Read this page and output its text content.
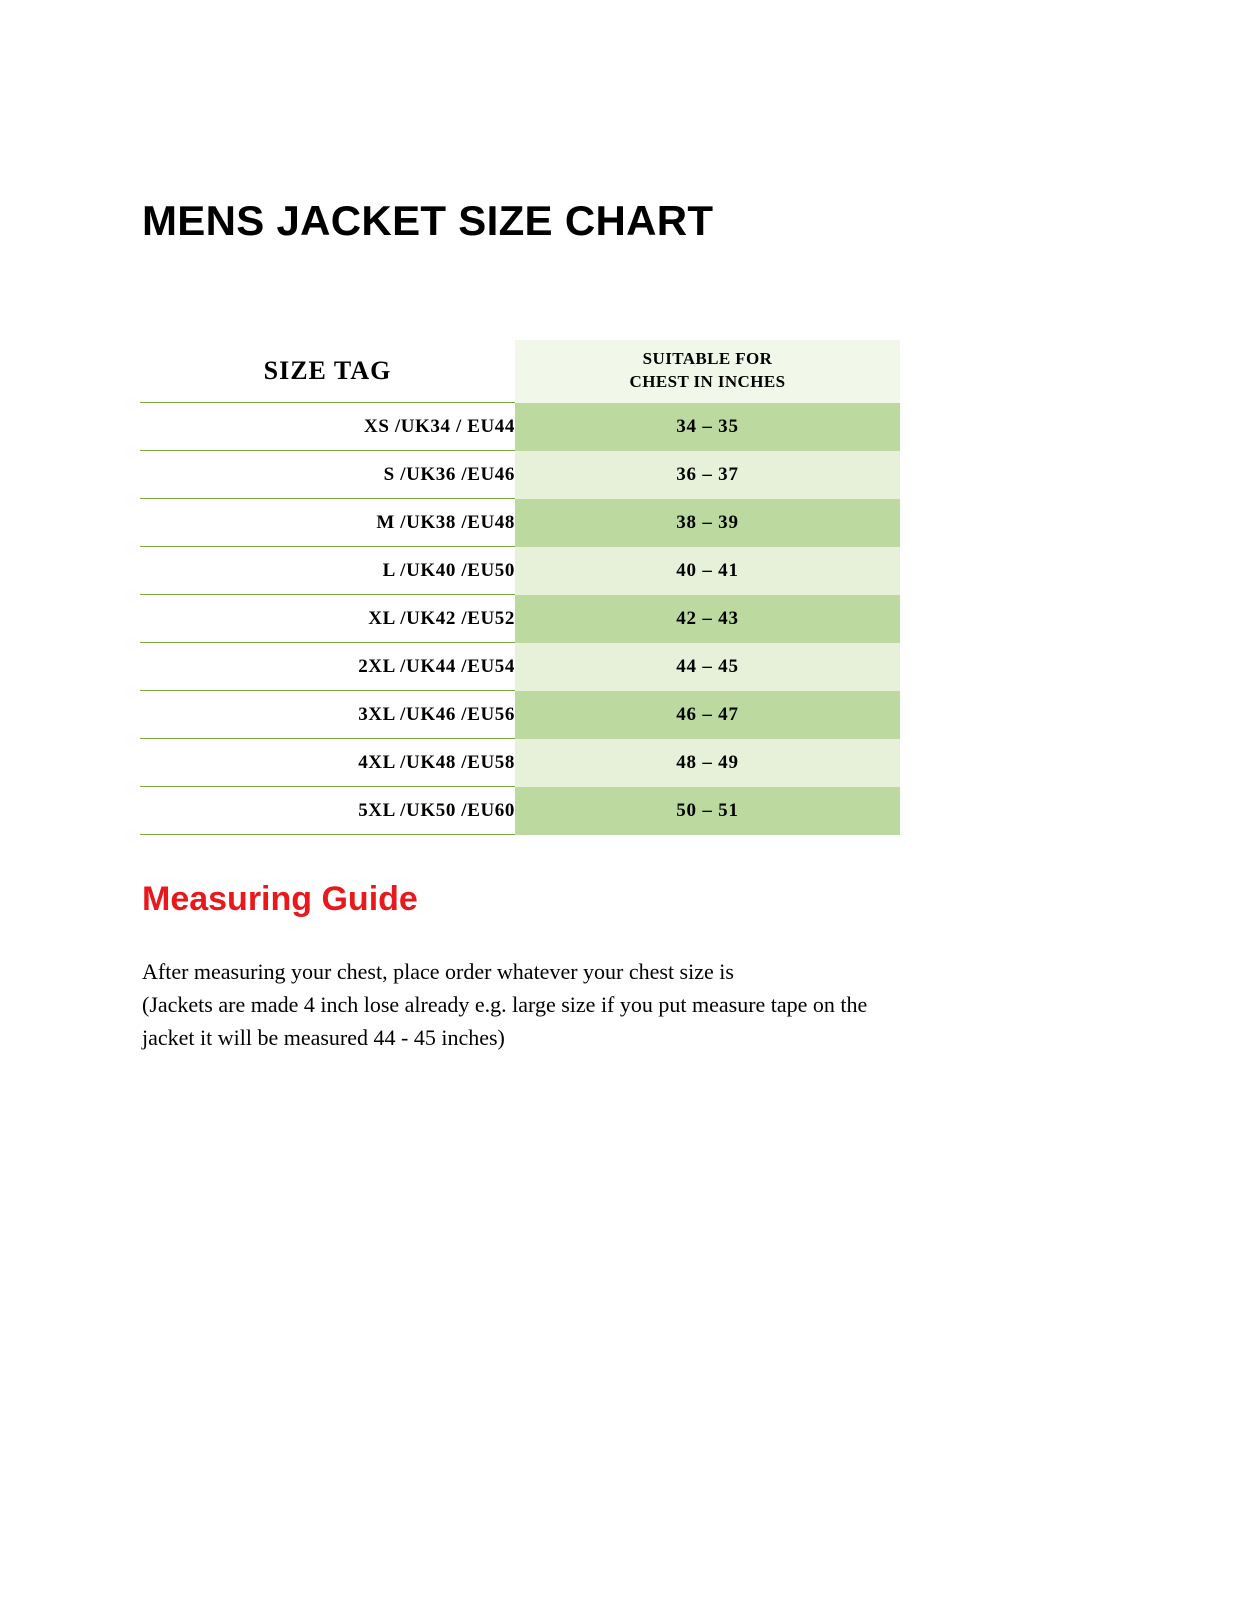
MENS JACKET SIZE CHART
SIZE TAG	SUITABLE FOR
CHEST IN INCHES
XS /UK34 / EU44	34 – 35
S /UK36 /EU46	36 – 37
M /UK38 /EU48	38 – 39
L /UK40 /EU50	40 – 41
XL /UK42 /EU52	42 – 43
2XL /UK44 /EU54	44 – 45
3XL /UK46 /EU56	46 – 47
4XL /UK48 /EU58	48 – 49
5XL /UK50 /EU60	50 – 51
Measuring Guide
After measuring your chest, place order whatever your chest size is
(Jackets are made 4 inch lose already e.g. large size if you put measure tape on the
jacket it will be measured 44 - 45 inches)
